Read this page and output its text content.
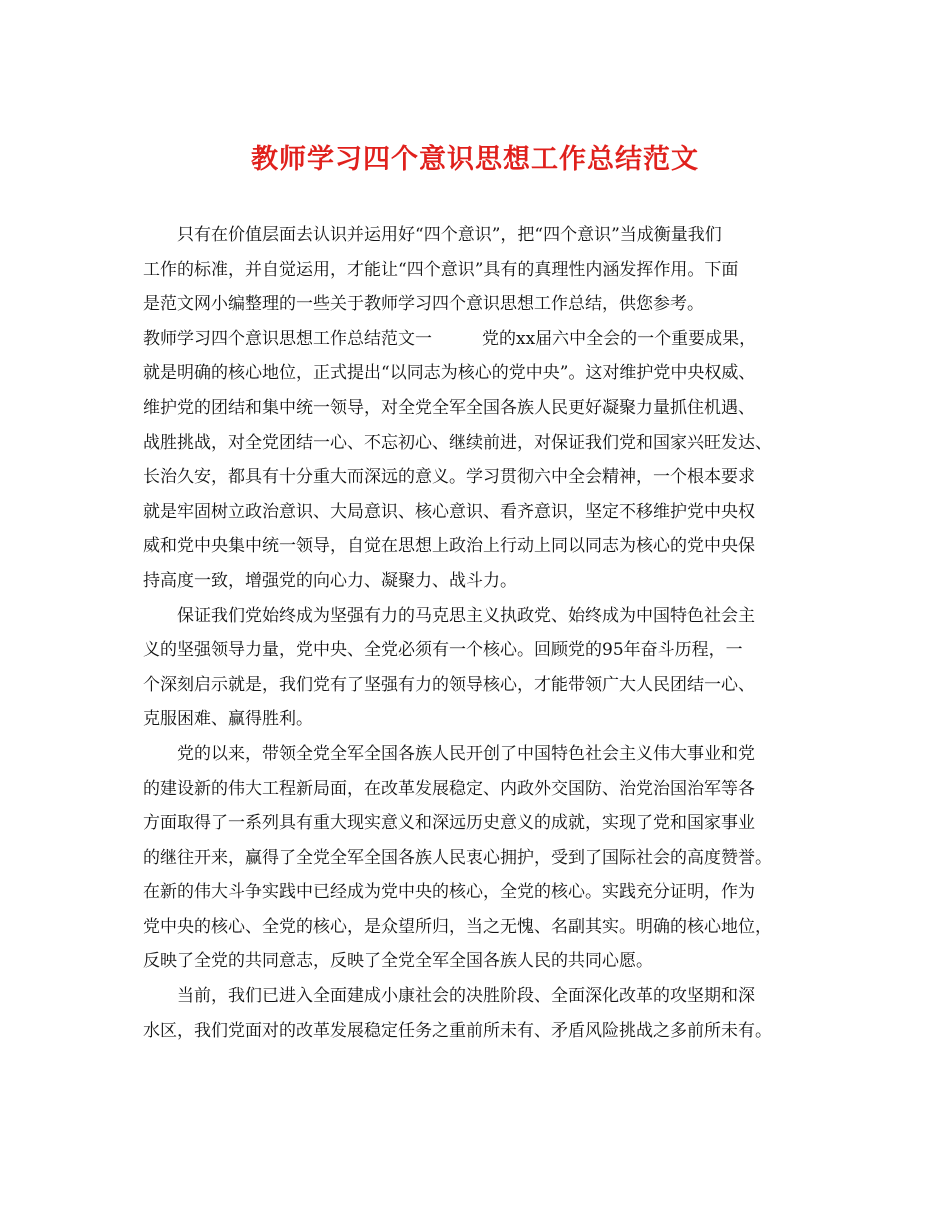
教师学习四个意识思想工作总结范文
只有在价值层面去认识并运用好“四个意识”，把“四个意识”当成衡量我们
工作的标准，并自觉运用，才能让“四个意识”具有的真理性内涵发挥作用。下面
是范文网小编整理的一些关于教师学习四个意识思想工作总结，供您参考。
教师学习四个意识思想工作总结范文一	党的xx届六中全会的一个重要成果，
就是明确的核心地位，正式提出“以同志为核心的党中央”。这对维护党中央权威、
维护党的团结和集中统一领导，对全党全军全国各族人民更好凝聚力量抓住机遇、
战胜挑战，对全党团结一心、不忘初心、继续前进，对保证我们党和国家兴旺发达、
长治久安，都具有十分重大而深远的意义。学习贯彻六中全会精神，一个根本要求
就是牢固树立政治意识、大局意识、核心意识、看齐意识，坚定不移维护党中央权
威和党中央集中统一领导，自觉在思想上政治上行动上同以同志为核心的党中央保
持高度一致，增强党的向心力、凝聚力、战斗力。
保证我们党始终成为坚强有力的马克思主义执政党、始终成为中国特色社会主
义的坚强领导力量，党中央、全党必须有一个核心。回顾党的95年奋斗历程，一
个深刻启示就是，我们党有了坚强有力的领导核心，才能带领广大人民团结一心、
克服困难、赢得胜利。
党的以来，带领全党全军全国各族人民开创了中国特色社会主义伟大事业和党
的建设新的伟大工程新局面，在改革发展稳定、内政外交国防、治党治国治军等各
方面取得了一系列具有重大现实意义和深远历史意义的成就，实现了党和国家事业
的继往开来，赢得了全党全军全国各族人民衷心拥护，受到了国际社会的高度赞誉。
在新的伟大斗争实践中已经成为党中央的核心，全党的核心。实践充分证明，作为
党中央的核心、全党的核心，是众望所归，当之无愧、名副其实。明确的核心地位，
反映了全党的共同意志，反映了全党全军全国各族人民的共同心愿。
当前，我们已进入全面建成小康社会的决胜阶段、全面深化改革的攻坚期和深
水区，我们党面对的改革发展稳定任务之重前所未有、矛盾风险挑战之多前所未有。
